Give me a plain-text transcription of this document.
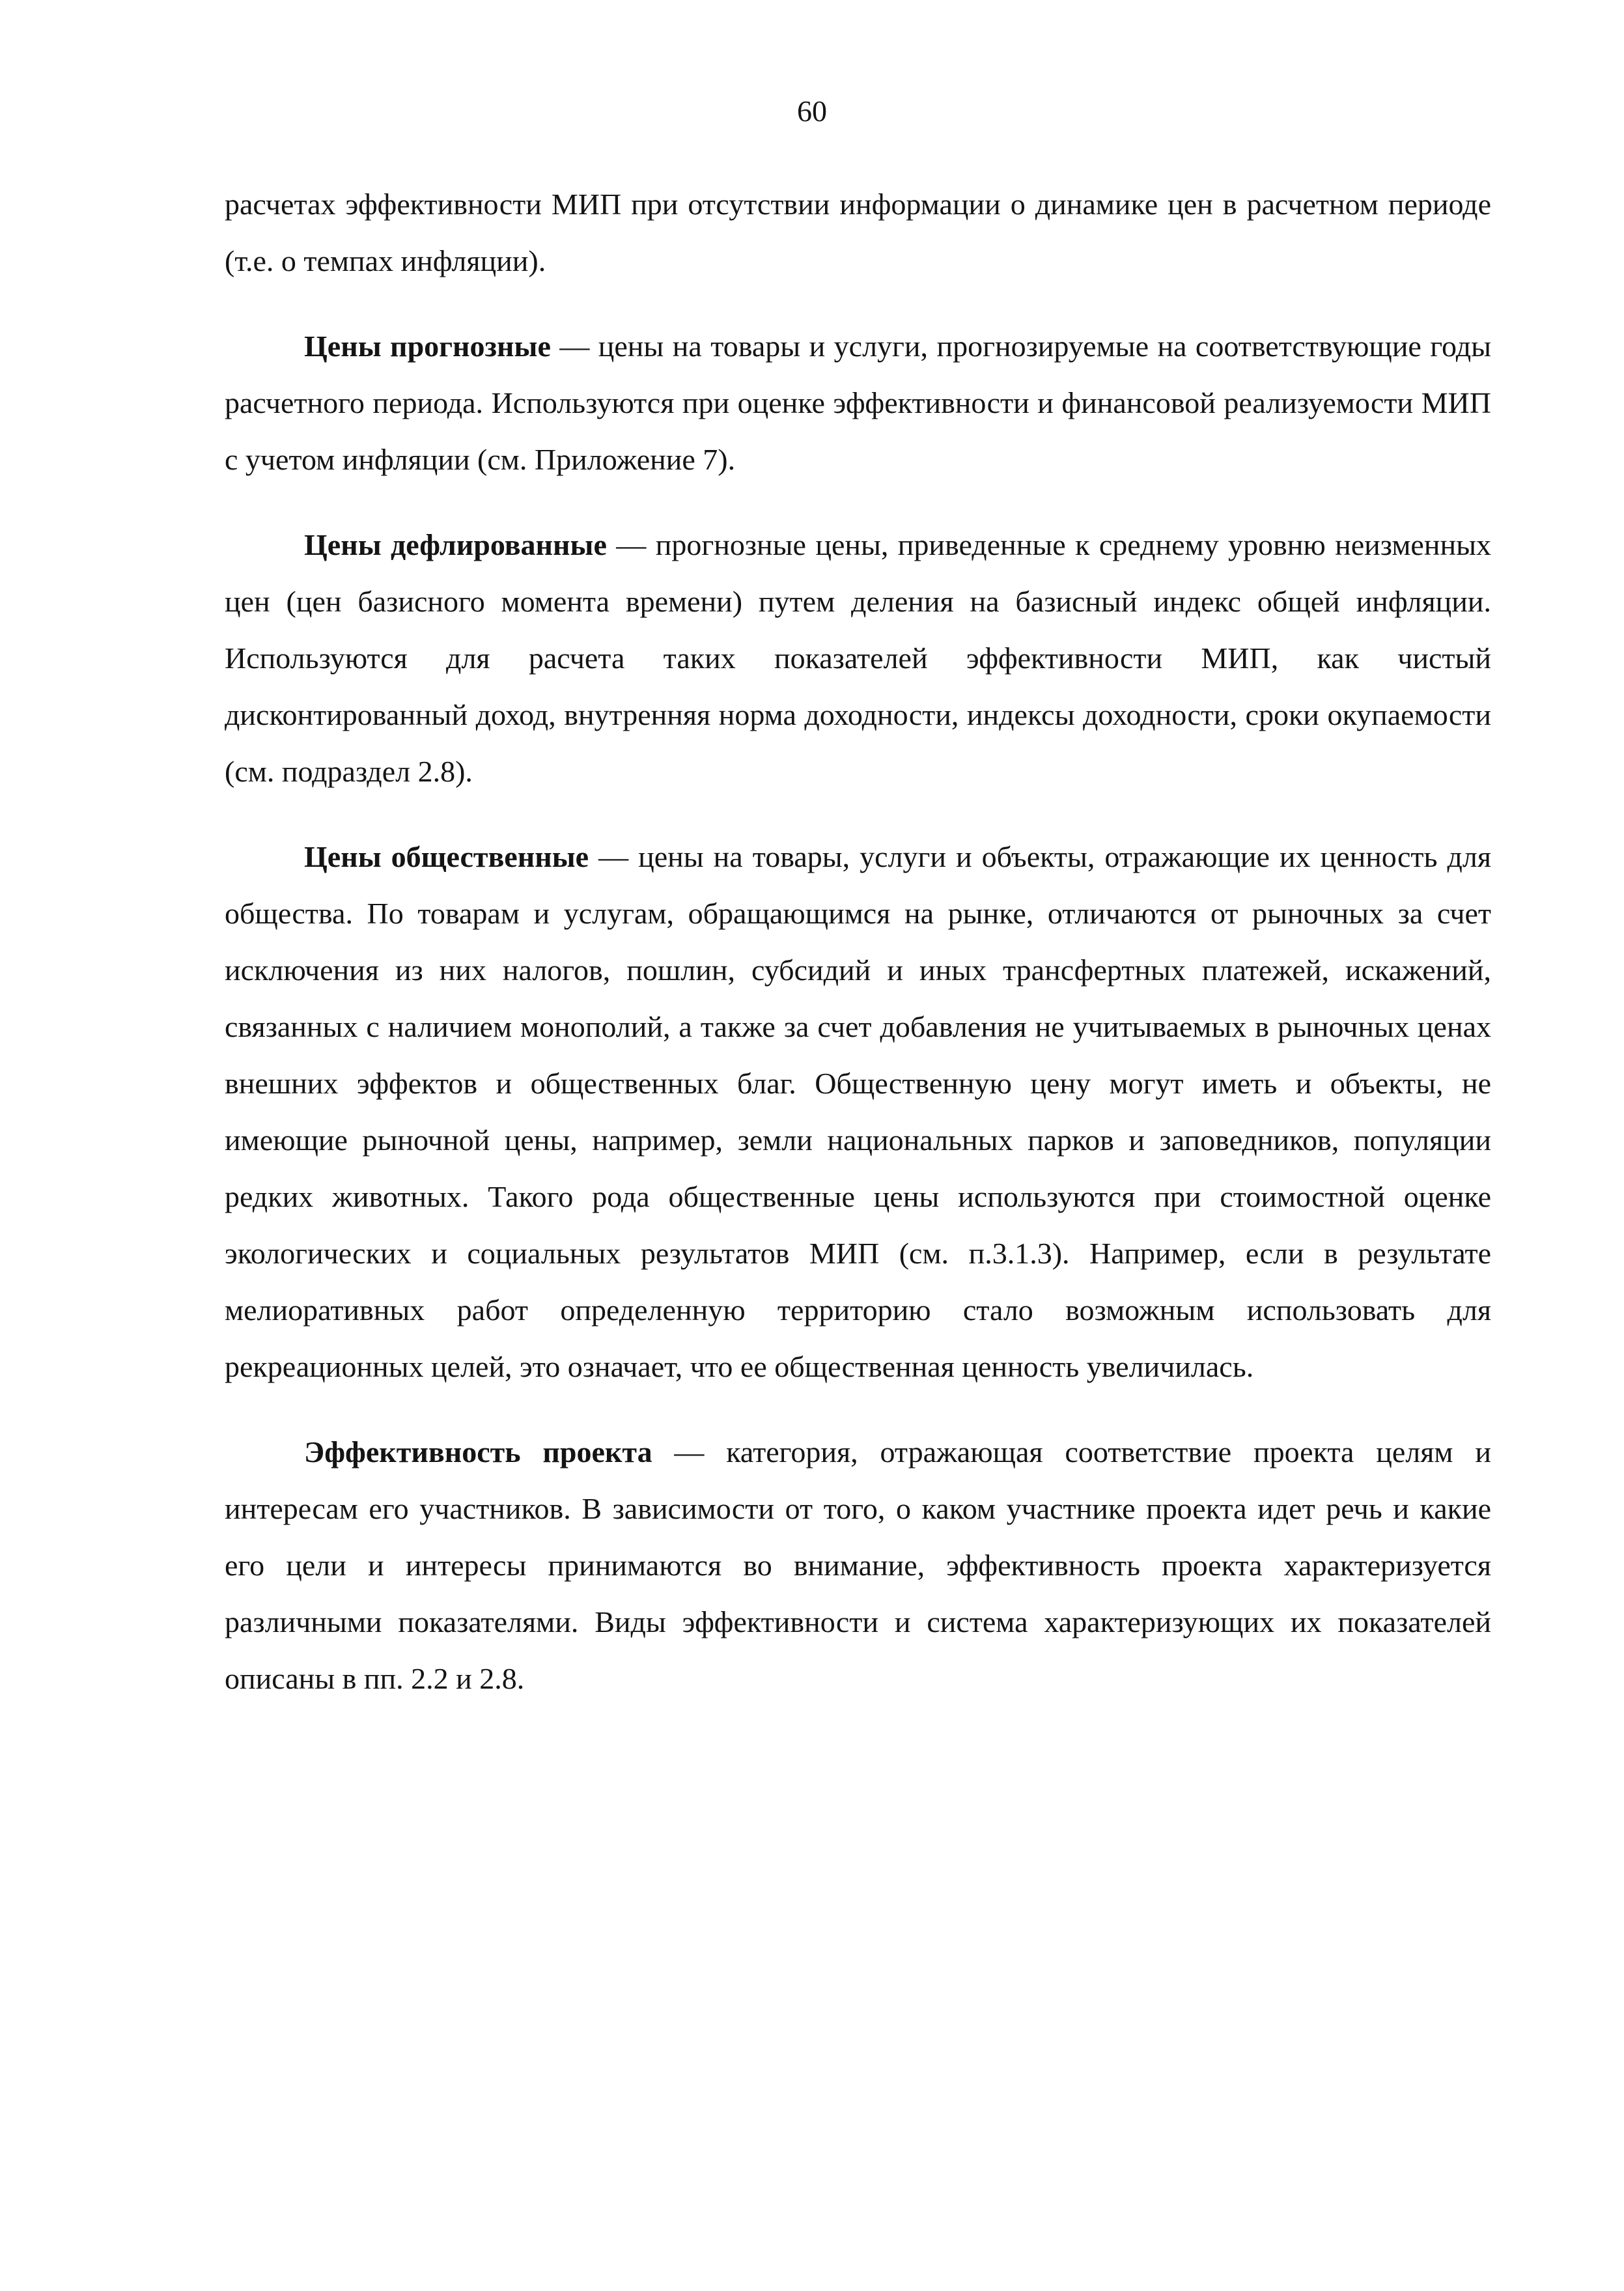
60

расчетах эффективности МИП при отсутствии информации о динамике цен в расчетном периоде (т.е. о темпах инфляции).

Цены прогнозные — цены на товары и услуги, прогнозируемые на соответствующие годы расчетного периода. Используются при оценке эффективности и финансовой реализуемости МИП с учетом инфляции (см. Приложение 7).

Цены дефлированные — прогнозные цены, приведенные к среднему уровню неизменных цен (цен базисного момента времени) путем деления на базисный индекс общей инфляции. Используются для расчета таких показателей эффективности МИП, как чистый дисконтированный доход, внутренняя норма доходности, индексы доходности, сроки окупаемости (см. подраздел 2.8).

Цены общественные — цены на товары, услуги и объекты, отражающие их ценность для общества. По товарам и услугам, обращающимся на рынке, отличаются от рыночных за счет исключения из них налогов, пошлин, субсидий и иных трансфертных платежей, искажений, связанных с наличием монополий, а также за счет добавления не учитываемых в рыночных ценах внешних эффектов и общественных благ. Общественную цену могут иметь и объекты, не имеющие рыночной цены, например, земли национальных парков и заповедников, популяции редких животных. Такого рода общественные цены используются при стоимостной оценке экологических и социальных результатов МИП (см. п.3.1.3). Например, если в результате мелиоративных работ определенную территорию стало возможным использовать для рекреационных целей, это означает, что ее общественная ценность увеличилась.

Эффективность проекта — категория, отражающая соответствие проекта целям и интересам его участников. В зависимости от того, о каком участнике проекта идет речь и какие его цели и интересы принимаются во внимание, эффективность проекта характеризуется различными показателями. Виды эффективности и система характеризующих их показателей описаны в пп. 2.2 и 2.8.
